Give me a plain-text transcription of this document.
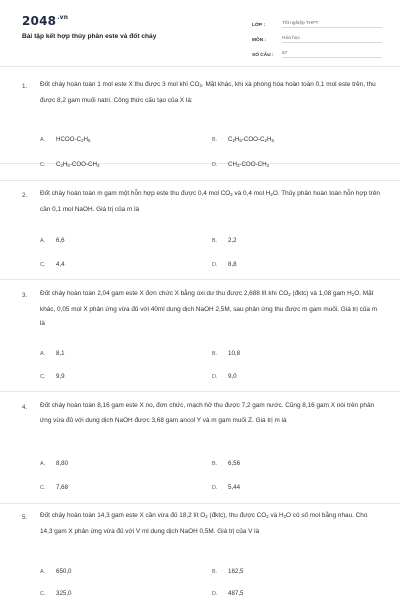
$2048^{.vn}$
Bài tập kết hợp thủy phân este và đốt cháy
LỚP :	Tốt nghiệp THPT
MÔN :	Hóa học
SỐ CÂU :	67
1. Đốt cháy hoàn toàn 1 mol este X thu được 3 mol khí $CO_2$. Mặt khác, khi xà phòng hóa hoàn toàn 0,1 mol este trên, thu được 8,2 gam muối natri. Công thức cấu tạo của X là:
A. HCOO-$C_2H_5$	B. $C_2H_5-COO-C_2H_5$
C. $C_2H_5-COO-CH_3$	D. $CH_3-COO-CH_3$
2. Đốt cháy hoàn toàn m gam một hỗn hợp este thu được 0,4 mol $CO_2$ và 0,4 mol $H_2O$. Thủy phân hoàn toàn hỗn hợp trên cần 0,1 mol NaOH. Giá trị của m là
A. 6,6	B. 2,2
C. 4,4	D. 8,8
3. Đốt cháy hoàn toàn 2,04 gam este X đơn chức X bằng oxi dư thu được 2,688 lít khí $CO_2$ (đktc) và 1,08 gam $H_2O$. Mặt khác, 0,05 mol X phản ứng vừa đủ với 40ml dung dịch NaOH 2,5M, sau phản ứng thu được m gam muối. Giá trị của m là
A. 8,1	B. 10,8
C. 9,9	D. 9,0
4. Đốt cháy hoàn toàn 8,16 gam este X no, đơn chức, mạch hở thu được 7,2 gam nước. Cũng 8,16 gam X nói trên phản ứng vừa đủ với dung dịch NaOH được 3,68 gam ancol Y và m gam muối Z. Giá trị m là
A. 8,80	B. 6,56
C. 7,68	D. 5,44
5. Đốt cháy hoàn toàn 14,3 gam este X cần vừa đủ 18,2 lít $O_2$ (đktc), thu được $CO_2$ và $H_2O$ có số mol bằng nhau. Cho 14,3 gam X phản ứng vừa đủ với V ml dung dịch NaOH 0,5M. Giá trị của V là
A. 650,0	B. 162,5
C. 325,0	D. 487,5
